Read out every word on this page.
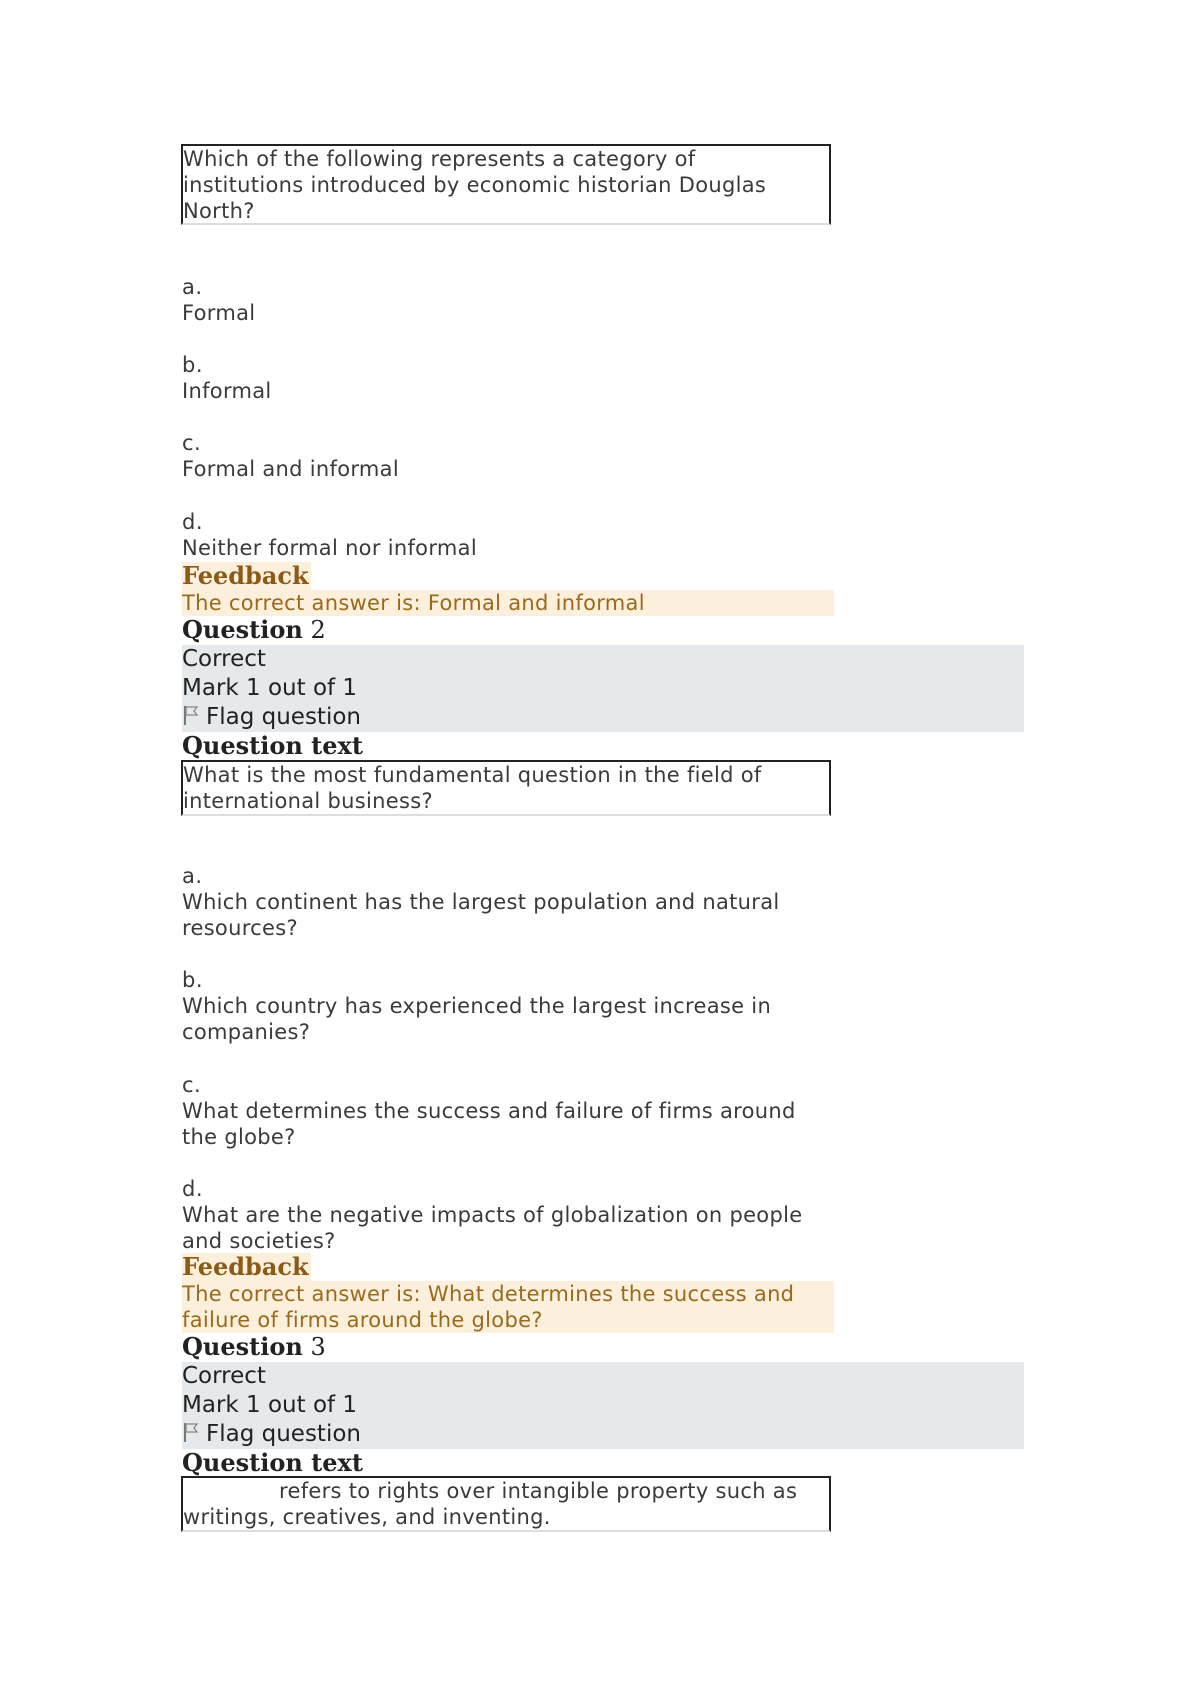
Which of the following represents a category of
institutions introduced by economic historian Douglas
North?
a.
Formal
b.
Informal
c.
Formal and informal
d.
Neither formal nor informal
Feedback
The correct answer is: Formal and informal
Question 2
Correct
Mark 1 out of 1
Flag question
Question text
What is the most fundamental question in the field of
international business?
a.
Which continent has the largest population and natural
resources?
b.
Which country has experienced the largest increase in
companies?
c.
What determines the success and failure of firms around
the globe?
d.
What are the negative impacts of globalization on people
and societies?
Feedback
The correct answer is: What determines the success and
failure of firms around the globe?
Question 3
Correct
Mark 1 out of 1
Flag question
Question text
refers to rights over intangible property such as
writings, creatives, and inventing.
